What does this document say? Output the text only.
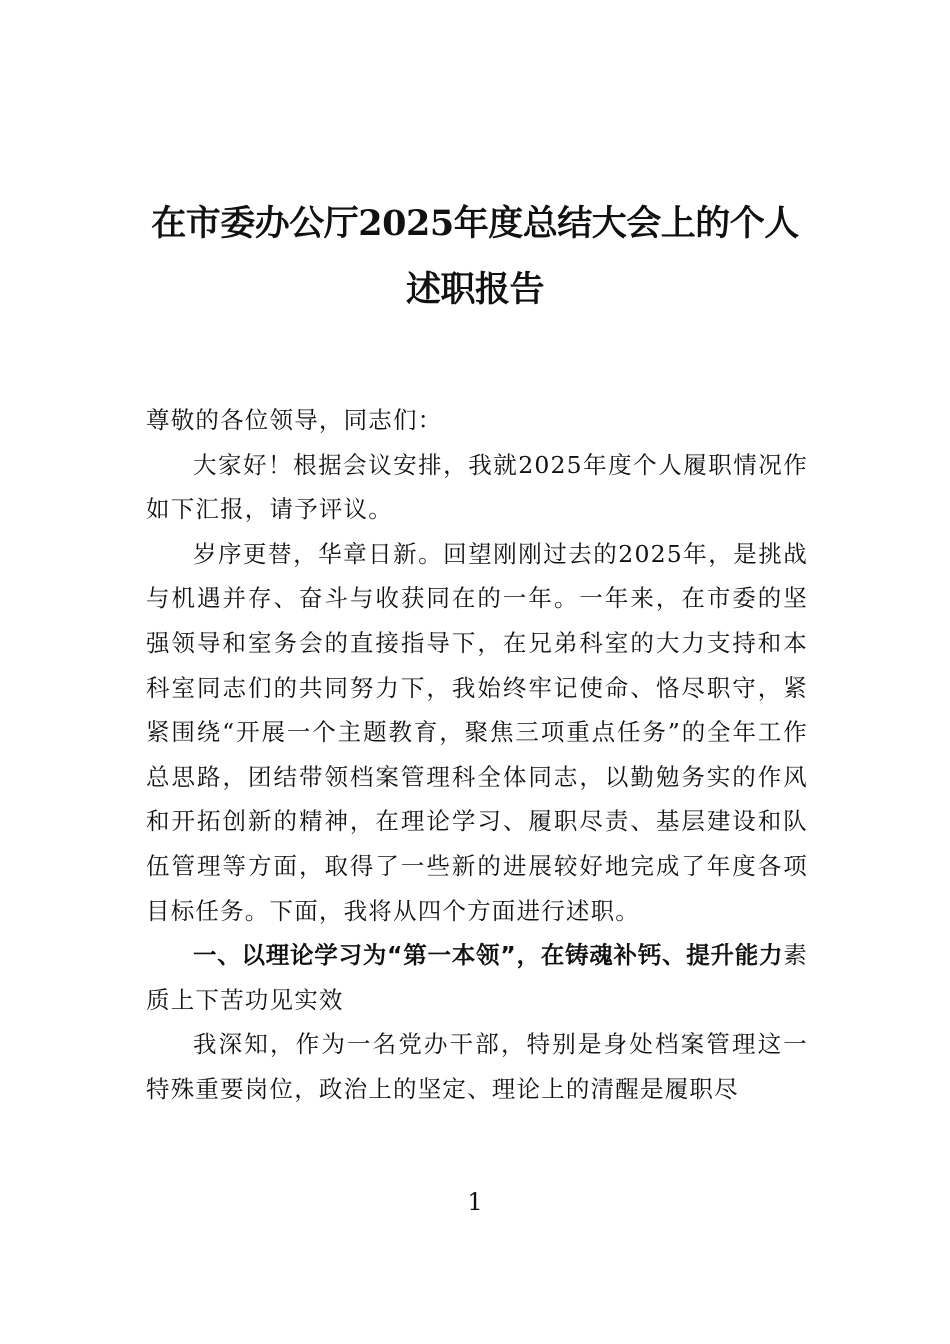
在市委办公厅2025年度总结大会上的个人
述职报告

尊敬的各位领导，同志们：

大家好！根据会议安排，我就2025年度个人履职情况作如下汇报，请予评议。

岁序更替，华章日新。回望刚刚过去的2025年，是挑战与机遇并存、奋斗与收获同在的一年。一年来，在市委的坚强领导和室务会的直接指导下，在兄弟科室的大力支持和本科室同志们的共同努力下，我始终牢记使命、恪尽职守，紧紧围绕“开展一个主题教育，聚焦三项重点任务”的全年工作总思路，团结带领档案管理科全体同志，以勤勉务实的作风和开拓创新的精神，在理论学习、履职尽责、基层建设和队伍管理等方面，取得了一些新的进展较好地完成了年度各项目标任务。下面，我将从四个方面进行述职。

一、以理论学习为“第一本领”，在铸魂补钙、提升能力素质上下苦功见实效

我深知，作为一名党办干部，特别是身处档案管理这一特殊重要岗位，政治上的坚定、理论上的清醒是履职尽

1
